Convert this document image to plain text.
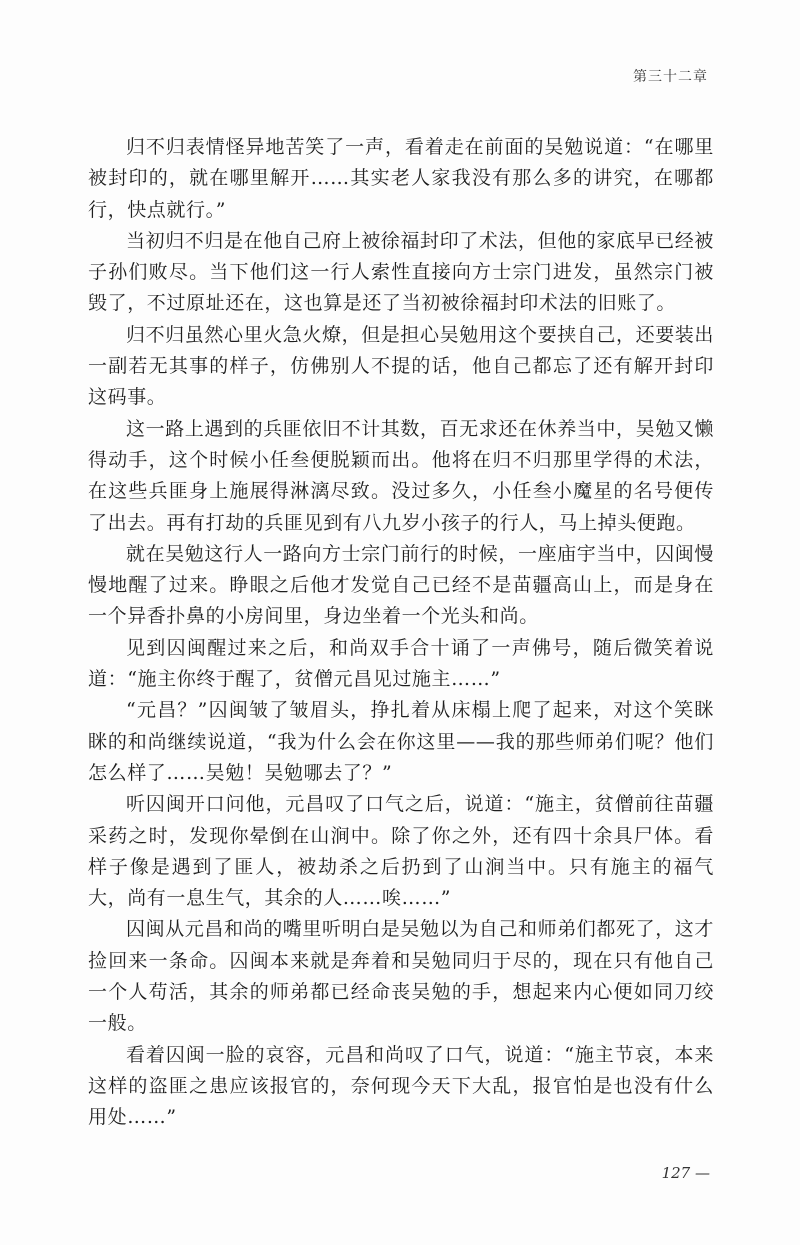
第三十二章

归不归表情怪异地苦笑了一声，看着走在前面的吴勉说道：“在哪里被封印的，就在哪里解开……其实老人家我没有那么多的讲究，在哪都行，快点就行。”

当初归不归是在他自己府上被徐福封印了术法，但他的家底早已经被子孙们败尽。当下他们这一行人索性直接向方士宗门进发，虽然宗门被毁了，不过原址还在，这也算是还了当初被徐福封印术法的旧账了。

归不归虽然心里火急火燎，但是担心吴勉用这个要挟自己，还要装出一副若无其事的样子，仿佛别人不提的话，他自己都忘了还有解开封印这码事。

这一路上遇到的兵匪依旧不计其数，百无求还在休养当中，吴勉又懒得动手，这个时候小任叁便脱颖而出。他将在归不归那里学得的术法，在这些兵匪身上施展得淋漓尽致。没过多久，小任叁小魔星的名号便传了出去。再有打劫的兵匪见到有八九岁小孩子的行人，马上掉头便跑。

就在吴勉这行人一路向方士宗门前行的时候，一座庙宇当中，囚闽慢慢地醒了过来。睁眼之后他才发觉自己已经不是苗疆高山上，而是身在一个异香扑鼻的小房间里，身边坐着一个光头和尚。

见到囚闽醒过来之后，和尚双手合十诵了一声佛号，随后微笑着说道：“施主你终于醒了，贫僧元昌见过施主……”

“元昌？”囚闽皱了皱眉头，挣扎着从床榻上爬了起来，对这个笑眯眯的和尚继续说道，“我为什么会在你这里——我的那些师弟们呢？他们怎么样了……吴勉！吴勉哪去了？”

听囚闽开口问他，元昌叹了口气之后，说道：“施主，贫僧前往苗疆采药之时，发现你晕倒在山涧中。除了你之外，还有四十余具尸体。看样子像是遇到了匪人，被劫杀之后扔到了山涧当中。只有施主的福气大，尚有一息生气，其余的人……唉……”

囚闽从元昌和尚的嘴里听明白是吴勉以为自己和师弟们都死了，这才捡回来一条命。囚闽本来就是奔着和吴勉同归于尽的，现在只有他自己一个人苟活，其余的师弟都已经命丧吴勉的手，想起来内心便如同刀绞一般。

看着囚闽一脸的哀容，元昌和尚叹了口气，说道：“施主节哀，本来这样的盗匪之患应该报官的，奈何现今天下大乱，报官怕是也没有什么用处……”

127 —
